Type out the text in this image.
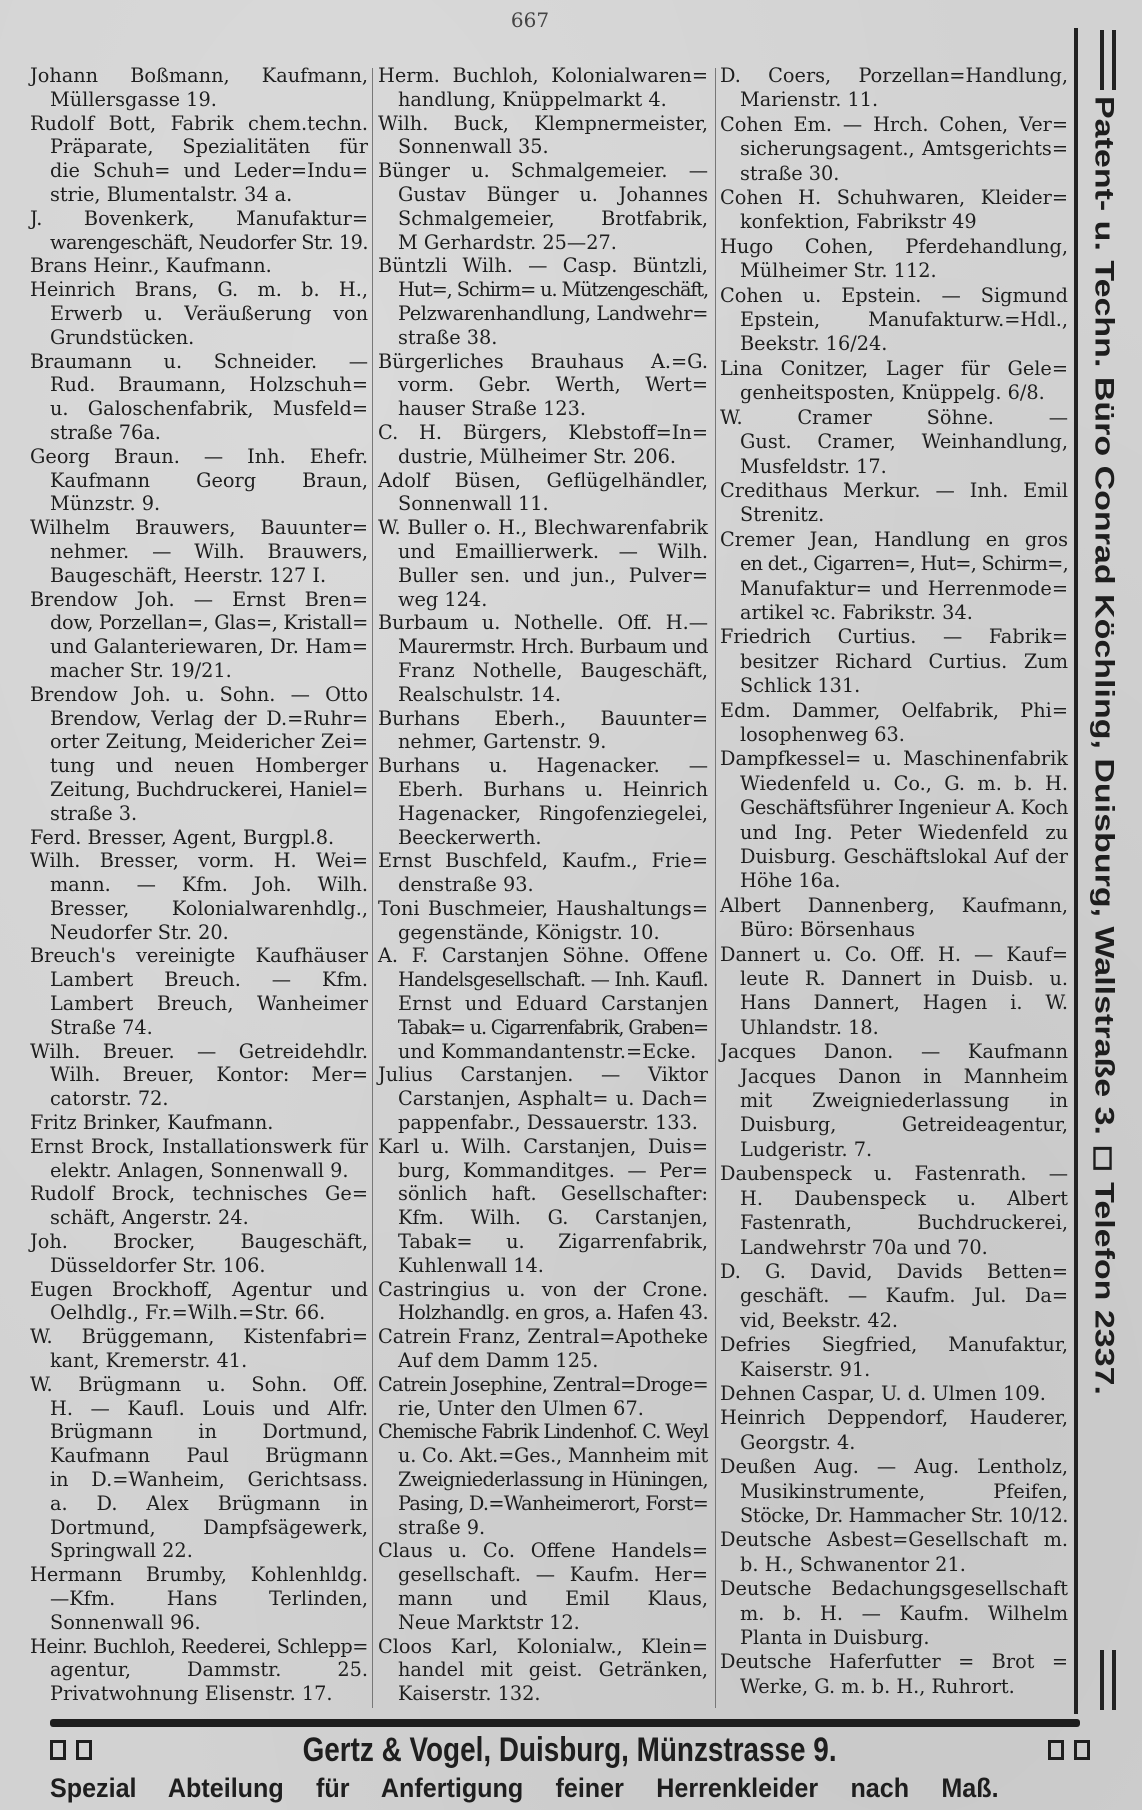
667
Johann Boßmann, Kaufmann,
Müllersgasse 19.
Rudolf Bott, Fabrik chem.techn.
Präparate, Spezialitäten für
die Schuh= und Leder=Indu=
strie, Blumentalstr. 34 a.
J. Bovenkerk, Manufaktur=
warengeschäft, Neudorfer Str. 19.
Brans Heinr., Kaufmann.
Heinrich Brans, G. m. b. H.,
Erwerb u. Veräußerung von
Grundstücken.
Braumann u. Schneider. —
Rud. Braumann, Holzschuh=
u. Galoschenfabrik, Musfeld=
straße 76a.
Georg Braun. — Inh. Ehefr.
Kaufmann Georg Braun,
Münzstr. 9.
Wilhelm Brauwers, Bauunter=
nehmer. — Wilh. Brauwers,
Baugeschäft, Heerstr. 127 I.
Brendow Joh. — Ernst Bren=
dow, Porzellan=, Glas=, Kristall=
und Galanteriewaren, Dr. Ham=
macher Str. 19/21.
Brendow Joh. u. Sohn. — Otto
Brendow, Verlag der D.=Ruhr=
orter Zeitung, Meidericher Zei=
tung und neuen Homberger
Zeitung, Buchdruckerei, Haniel=
straße 3.
Ferd. Bresser, Agent, Burgpl.8.
Wilh. Bresser, vorm. H. Wei=
mann. — Kfm. Joh. Wilh.
Bresser, Kolonialwarenhdlg.,
Neudorfer Str. 20.
Breuch's vereinigte Kaufhäuser
Lambert Breuch. — Kfm.
Lambert Breuch, Wanheimer
Straße 74.
Wilh. Breuer. — Getreidehdlr.
Wilh. Breuer, Kontor: Mer=
catorstr. 72.
Fritz Brinker, Kaufmann.
Ernst Brock, Installationswerk für
elektr. Anlagen, Sonnenwall 9.
Rudolf Brock, technisches Ge=
schäft, Angerstr. 24.
Joh. Brocker, Baugeschäft,
Düsseldorfer Str. 106.
Eugen Brockhoff, Agentur und
Oelhdlg., Fr.=Wilh.=Str. 66.
W. Brüggemann, Kistenfabri=
kant, Kremerstr. 41.
W. Brügmann u. Sohn. Off.
H. — Kaufl. Louis und Alfr.
Brügmann in Dortmund,
Kaufmann Paul Brügmann
in D.=Wanheim, Gerichtsass.
a. D. Alex Brügmann in
Dortmund, Dampfsägewerk,
Springwall 22.
Hermann Brumby, Kohlenhldg.
—Kfm. Hans Terlinden,
Sonnenwall 96.
Heinr. Buchloh, Reederei, Schlepp=
agentur, Dammstr. 25.
Privatwohnung Elisenstr. 17.
Herm. Buchloh, Kolonialwaren=
handlung, Knüppelmarkt 4.
Wilh. Buck, Klempnermeister,
Sonnenwall 35.
Bünger u. Schmalgemeier. —
Gustav Bünger u. Johannes
Schmalgemeier, Brotfabrik,
M Gerhardstr. 25—27.
Büntzli Wilh. — Casp. Büntzli,
Hut=, Schirm= u. Mützengeschäft,
Pelzwarenhandlung, Landwehr=
straße 38.
Bürgerliches Brauhaus A.=G.
vorm. Gebr. Werth, Wert=
hauser Straße 123.
C. H. Bürgers, Klebstoff=In=
dustrie, Mülheimer Str. 206.
Adolf Büsen, Geflügelhändler,
Sonnenwall 11.
W. Buller o. H., Blechwarenfabrik
und Emaillierwerk. — Wilh.
Buller sen. und jun., Pulver=
weg 124.
Burbaum u. Nothelle. Off. H.—
Maurermstr. Hrch. Burbaum und
Franz Nothelle, Baugeschäft,
Realschulstr. 14.
Burhans Eberh., Bauunter=
nehmer, Gartenstr. 9.
Burhans u. Hagenacker. —
Eberh. Burhans u. Heinrich
Hagenacker, Ringofenziegelei,
Beeckerwerth.
Ernst Buschfeld, Kaufm., Frie=
denstraße 93.
Toni Buschmeier, Haushaltungs=
gegenstände, Königstr. 10.
A. F. Carstanjen Söhne. Offene
Handelsgesellschaft. — Inh. Kaufl.
Ernst und Eduard Carstanjen
Tabak= u. Cigarrenfabrik, Graben=
und Kommandantenstr.=Ecke.
Julius Carstanjen. — Viktor
Carstanjen, Asphalt= u. Dach=
pappenfabr., Dessauerstr. 133.
Karl u. Wilh. Carstanjen, Duis=
burg, Kommanditges. — Per=
sönlich haft. Gesellschafter:
Kfm. Wilh. G. Carstanjen,
Tabak= u. Zigarrenfabrik,
Kuhlenwall 14.
Castringius u. von der Crone.
Holzhandlg. en gros, a. Hafen 43.
Catrein Franz, Zentral=Apotheke
Auf dem Damm 125.
Catrein Josephine, Zentral=Droge=
rie, Unter den Ulmen 67.
Chemische Fabrik Lindenhof. C. Weyl
u. Co. Akt.=Ges., Mannheim mit
Zweigniederlassung in Hüningen,
Pasing, D.=Wanheimerort, Forst=
straße 9.
Claus u. Co. Offene Handels=
gesellschaft. — Kaufm. Her=
mann und Emil Klaus,
Neue Marktstr 12.
Cloos Karl, Kolonialw., Klein=
handel mit geist. Getränken,
Kaiserstr. 132.
D. Coers, Porzellan=Handlung,
Marienstr. 11.
Cohen Em. — Hrch. Cohen, Ver=
sicherungsagent., Amtsgerichts=
straße 30.
Cohen H. Schuhwaren, Kleider=
konfektion, Fabrikstr 49
Hugo Cohen, Pferdehandlung,
Mülheimer Str. 112.
Cohen u. Epstein. — Sigmund
Epstein, Manufakturw.=Hdl.,
Beekstr. 16/24.
Lina Conitzer, Lager für Gele=
genheitsposten, Knüppelg. 6/8.
W. Cramer Söhne. —
Gust. Cramer, Weinhandlung,
Musfeldstr. 17.
Credithaus Merkur. — Inh. Emil
Strenitz.
Cremer Jean, Handlung en gros
en det., Cigarren=, Hut=, Schirm=,
Manufaktur= und Herrenmode=
artikel ꝛc. Fabrikstr. 34.
Friedrich Curtius. — Fabrik=
besitzer Richard Curtius. Zum
Schlick 131.
Edm. Dammer, Oelfabrik, Phi=
losophenweg 63.
Dampfkessel= u. Maschinenfabrik
Wiedenfeld u. Co., G. m. b. H.
Geschäftsführer Ingenieur A. Koch
und Ing. Peter Wiedenfeld zu
Duisburg. Geschäftslokal Auf der
Höhe 16a.
Albert Dannenberg, Kaufmann,
Büro: Börsenhaus
Dannert u. Co. Off. H. — Kauf=
leute R. Dannert in Duisb. u.
Hans Dannert, Hagen i. W.
Uhlandstr. 18.
Jacques Danon. — Kaufmann
Jacques Danon in Mannheim
mit Zweigniederlassung in
Duisburg, Getreideagentur,
Ludgeristr. 7.
Daubenspeck u. Fastenrath. —
H. Daubenspeck u. Albert
Fastenrath, Buchdruckerei,
Landwehrstr 70a und 70.
D. G. David, Davids Betten=
geschäft. — Kaufm. Jul. Da=
vid, Beekstr. 42.
Defries Siegfried, Manufaktur,
Kaiserstr. 91.
Dehnen Caspar, U. d. Ulmen 109.
Heinrich Deppendorf, Hauderer,
Georgstr. 4.
Deußen Aug. — Aug. Lentholz,
Musikinstrumente, Pfeifen,
Stöcke, Dr. Hammacher Str. 10/12.
Deutsche Asbest=Gesellschaft m.
b. H., Schwanentor 21.
Deutsche Bedachungsgesellschaft
m. b. H. — Kaufm. Wilhelm
Planta in Duisburg.
Deutsche Haferfutter = Brot =
Werke, G. m. b. H., Ruhrort.
Patent- u. Techn. Büro Conrad Köchling, Duisburg, Wallstraße 3. ◻ Telefon 2337.
Gertz & Vogel, Duisburg, Münzstrasse 9.
Spezial Abteilung für Anfertigung feiner Herrenkleider nach Maß.
